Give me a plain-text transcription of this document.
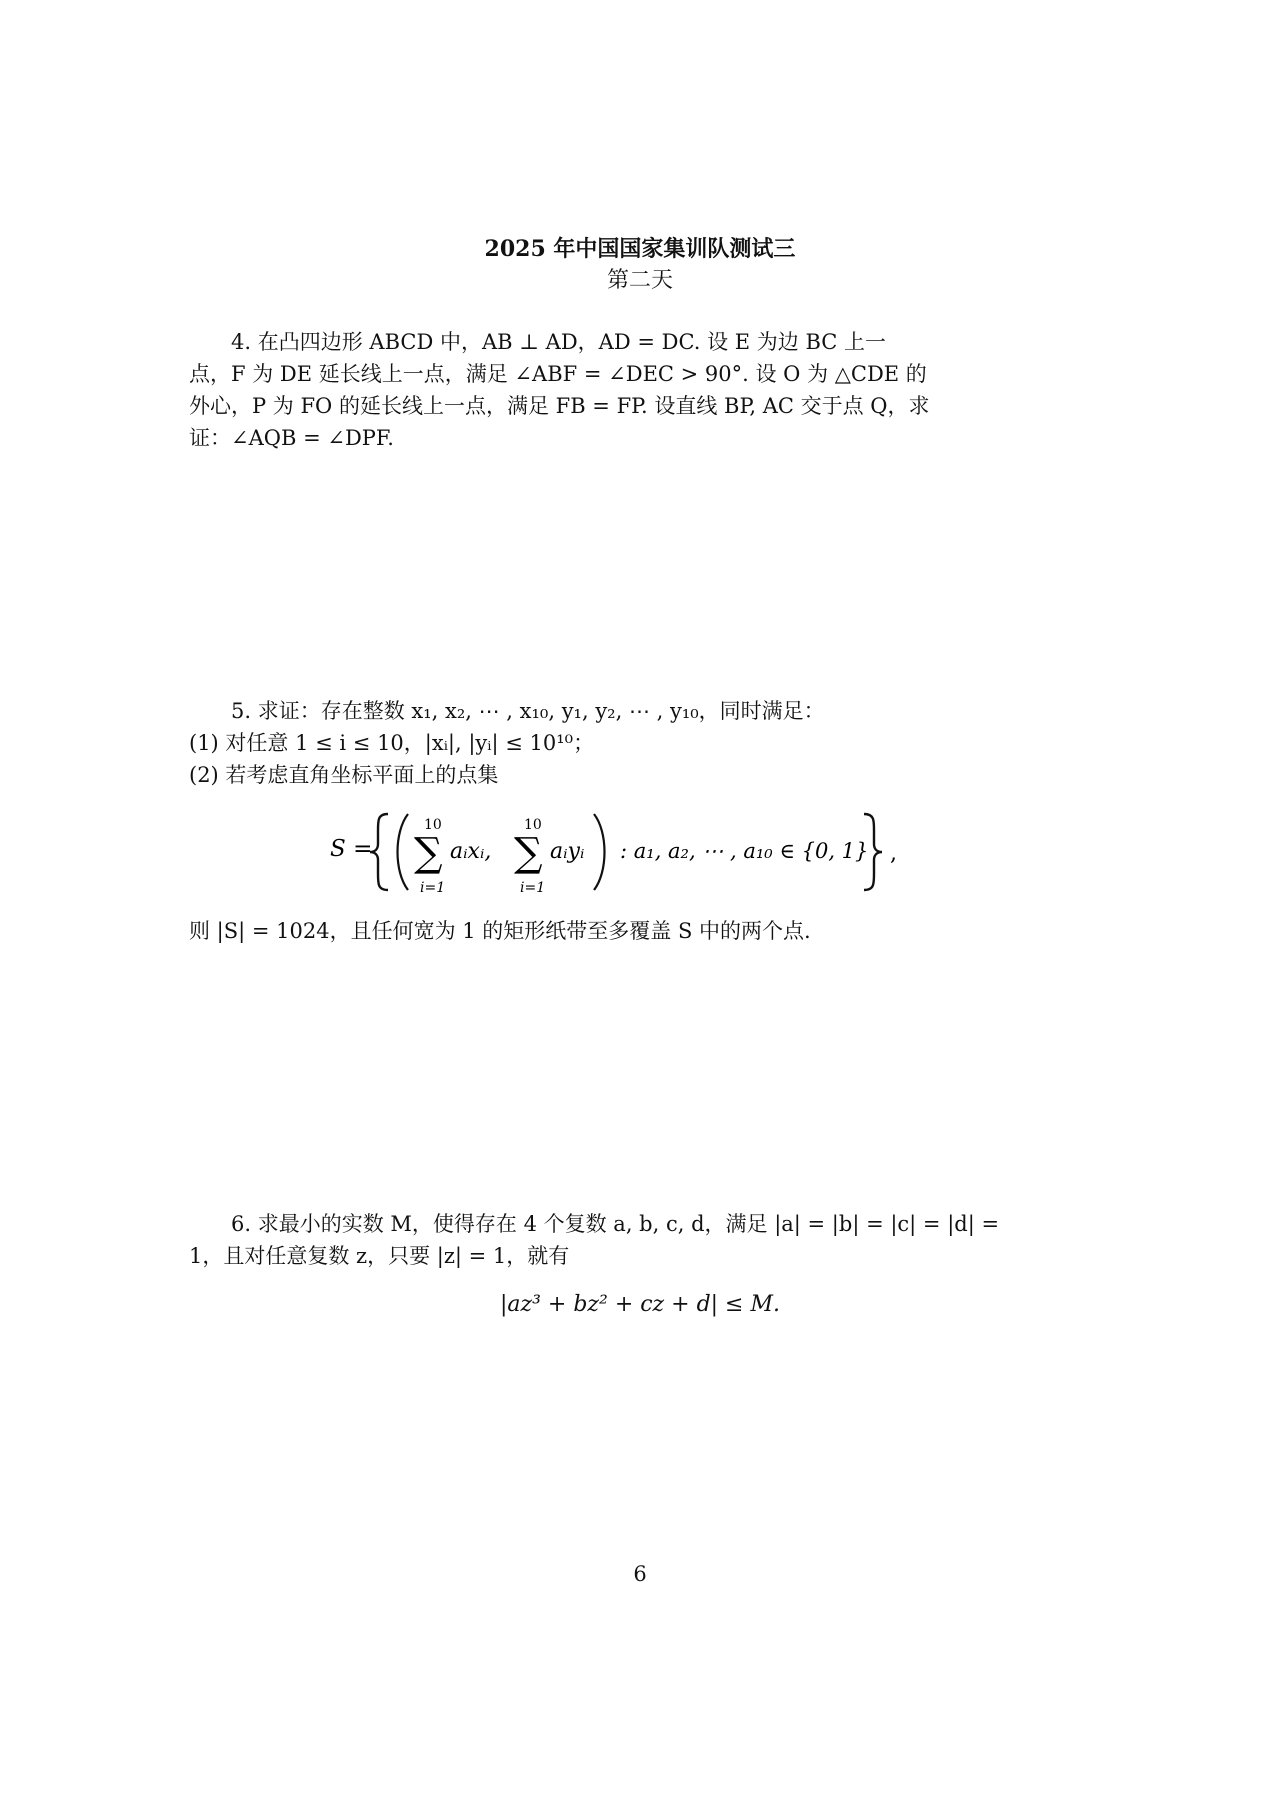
2025 年中国国家集训队测试三
第二天
4. 在凸四边形 ABCD 中，AB ⊥ AD，AD = DC. 设 E 为边 BC 上一
点，F 为 DE 延长线上一点，满足 ∠ABF = ∠DEC > 90°. 设 O 为 △CDE 的
外心，P 为 FO 的延长线上一点，满足 FB = FP. 设直线 BP, AC 交于点 Q，求
证：∠AQB = ∠DPF.
5. 求证：存在整数 x₁, x₂, ⋯ , x₁₀, y₁, y₂, ⋯ , y₁₀，同时满足：
(1) 对任意 1 ≤ i ≤ 10，|xᵢ|, |yᵢ| ≤ 10¹⁰；
(2) 若考虑直角坐标平面上的点集
S =
10
∑
i=1
aᵢxᵢ,
10
∑
i=1
aᵢyᵢ : a₁, a₂, ⋯ , a₁₀ ∈ {0, 1} ,
则 |S| = 1024，且任何宽为 1 的矩形纸带至多覆盖 S 中的两个点.
6. 求最小的实数 M，使得存在 4 个复数 a, b, c, d，满足 |a| = |b| = |c| = |d| =
1，且对任意复数 z，只要 |z| = 1，就有
|az³ + bz² + cz + d| ≤ M.
6
